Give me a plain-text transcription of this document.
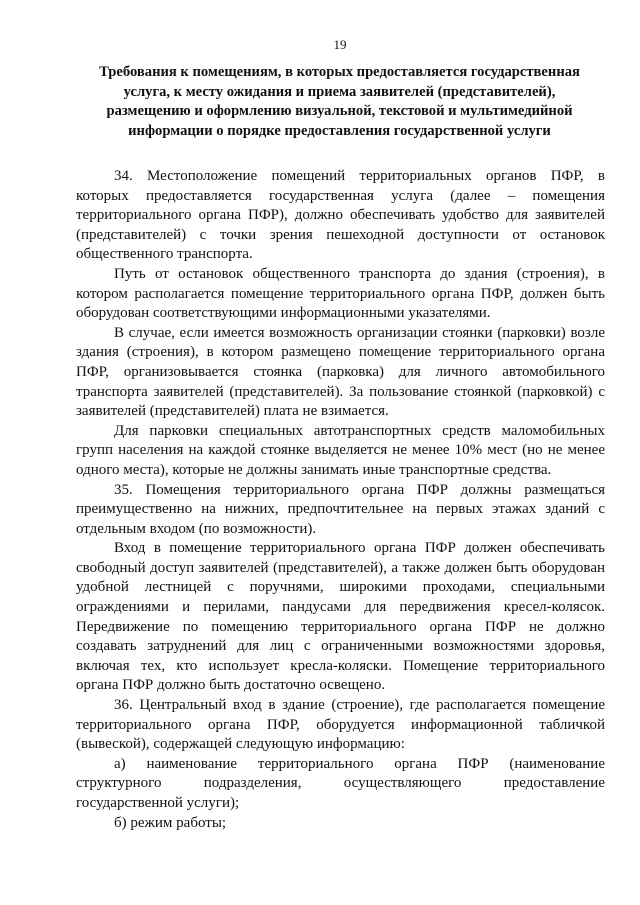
19
Требования к помещениям, в которых предоставляется государственная
услуга, к месту ожидания и приема заявителей (представителей),
размещению и оформлению визуальной, текстовой и мультимедийной
информации о порядке предоставления государственной услуги

34. Местоположение помещений территориальных органов ПФР, в
которых предоставляется государственная услуга (далее – помещения
территориального органа ПФР), должно обеспечивать удобство для заявителей
(представителей) с точки зрения пешеходной доступности от остановок
общественного транспорта.

Путь от остановок общественного транспорта до здания (строения), в
котором располагается помещение территориального органа ПФР, должен быть
оборудован соответствующими информационными указателями.

В случае, если имеется возможность организации стоянки (парковки) возле
здания (строения), в котором размещено помещение территориального органа
ПФР, организовывается стоянка (парковка) для личного автомобильного
транспорта заявителей (представителей). За пользование стоянкой (парковкой) с
заявителей (представителей) плата не взимается.

Для парковки специальных автотранспортных средств маломобильных
групп населения на каждой стоянке выделяется не менее 10% мест (но не менее
одного места), которые не должны занимать иные транспортные средства.

35. Помещения территориального органа ПФР должны размещаться
преимущественно на нижних, предпочтительнее на первых этажах зданий с
отдельным входом (по возможности).

Вход в помещение территориального органа ПФР должен обеспечивать
свободный доступ заявителей (представителей), а также должен быть оборудован
удобной лестницей с поручнями, широкими проходами, специальными
ограждениями и перилами, пандусами для передвижения кресел-колясок.
Передвижение по помещению территориального органа ПФР не должно
создавать затруднений для лиц с ограниченными возможностями здоровья,
включая тех, кто использует кресла-коляски. Помещение территориального
органа ПФР должно быть достаточно освещено.

36. Центральный вход в здание (строение), где располагается помещение
территориального органа ПФР, оборудуется информационной табличкой
(вывеской), содержащей следующую информацию:

а) наименование территориального органа ПФР (наименование
структурного подразделения, осуществляющего предоставление
государственной услуги);

б) режим работы;
